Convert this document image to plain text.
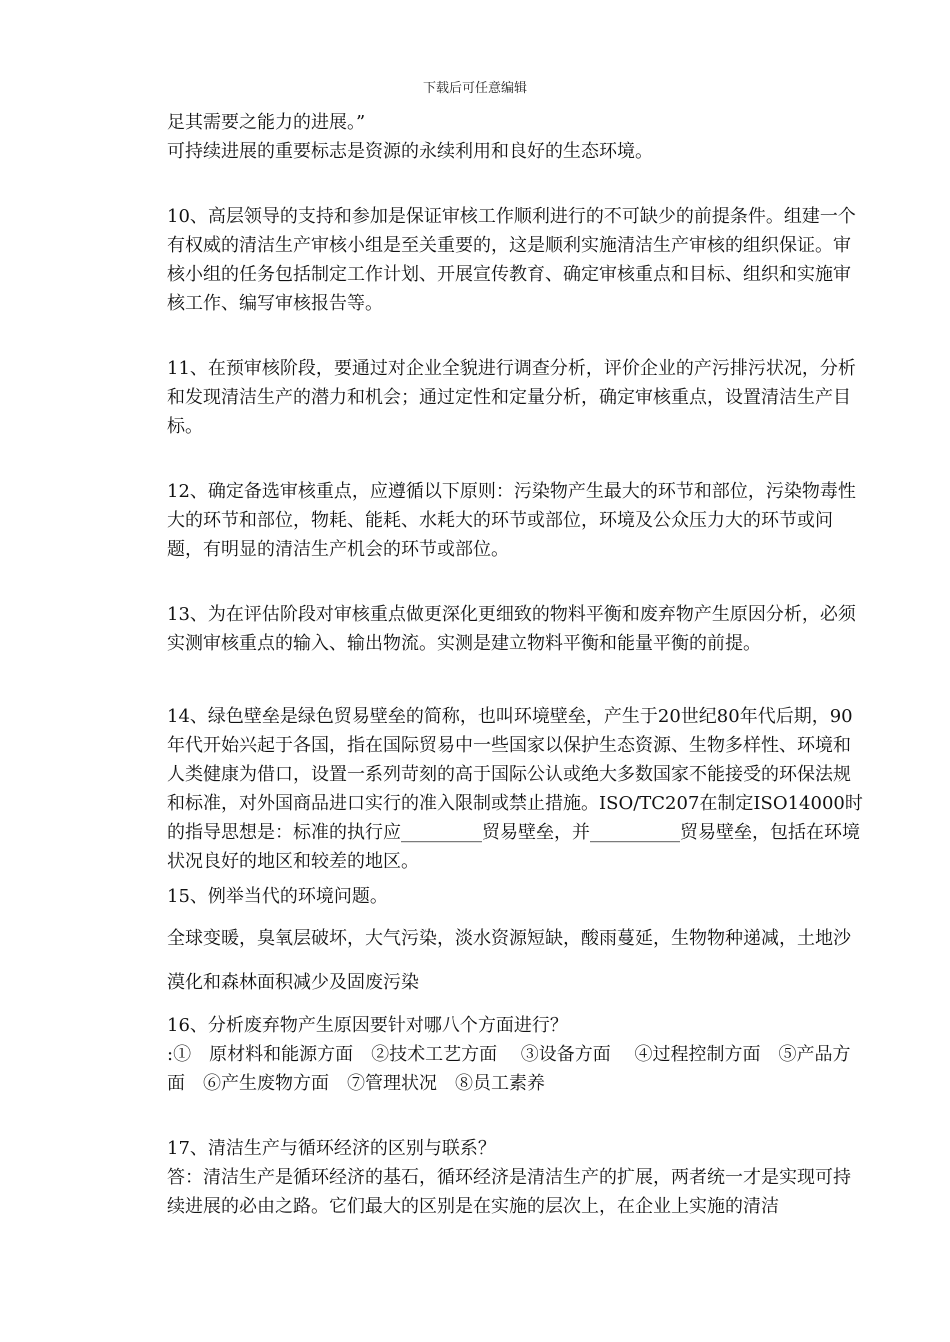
下载后可任意编辑

足其需要之能力的进展。”

可持续进展的重要标志是资源的永续利用和良好的生态环境。

10、高层领导的支持和参加是保证审核工作顺利进行的不可缺少的前提条件。组建一个有权威的清洁生产审核小组是至关重要的，这是顺利实施清洁生产审核的组织保证。审核小组的任务包括制定工作计划、开展宣传教育、确定审核重点和目标、组织和实施审核工作、编写审核报告等。

11、在预审核阶段，要通过对企业全貌进行调查分析，评价企业的产污排污状况，分析和发现清洁生产的潜力和机会；通过定性和定量分析，确定审核重点，设置清洁生产目标。

12、确定备选审核重点，应遵循以下原则：污染物产生最大的环节和部位，污染物毒性大的环节和部位，物耗、能耗、水耗大的环节或部位，环境及公众压力大的环节或问题，有明显的清洁生产机会的环节或部位。

13、为在评估阶段对审核重点做更深化更细致的物料平衡和废弃物产生原因分析，必须实测审核重点的输入、输出物流。实测是建立物料平衡和能量平衡的前提。

14、绿色壁垒是绿色贸易壁垒的简称，也叫环境壁垒，产生于20世纪80年代后期，90年代开始兴起于各国，指在国际贸易中一些国家以保护生态资源、生物多样性、环境和人类健康为借口，设置一系列苛刻的高于国际公认或绝大多数国家不能接受的环保法规和标准，对外国商品进口实行的准入限制或禁止措施。ISO/TC207在制定ISO14000时的指导思想是：标准的执行应_________贸易壁垒，并__________贸易壁垒，包括在环境状况良好的地区和较差的地区。

15、例举当代的环境问题。

全球变暖，臭氧层破坏，大气污染，淡水资源短缺，酸雨蔓延，生物物种递减，土地沙漠化和森林面积减少及固废污染

16、分析废弃物产生原因要针对哪八个方面进行？

:①　原材料和能源方面　②技术工艺方面　 ③设备方面　 ④过程控制方面　⑤产品方面　⑥产生废物方面　⑦管理状况　⑧员工素养

17、清洁生产与循环经济的区别与联系？

答：清洁生产是循环经济的基石，循环经济是清洁生产的扩展，两者统一才是实现可持续进展的必由之路。它们最大的区别是在实施的层次上，在企业上实施的清洁
